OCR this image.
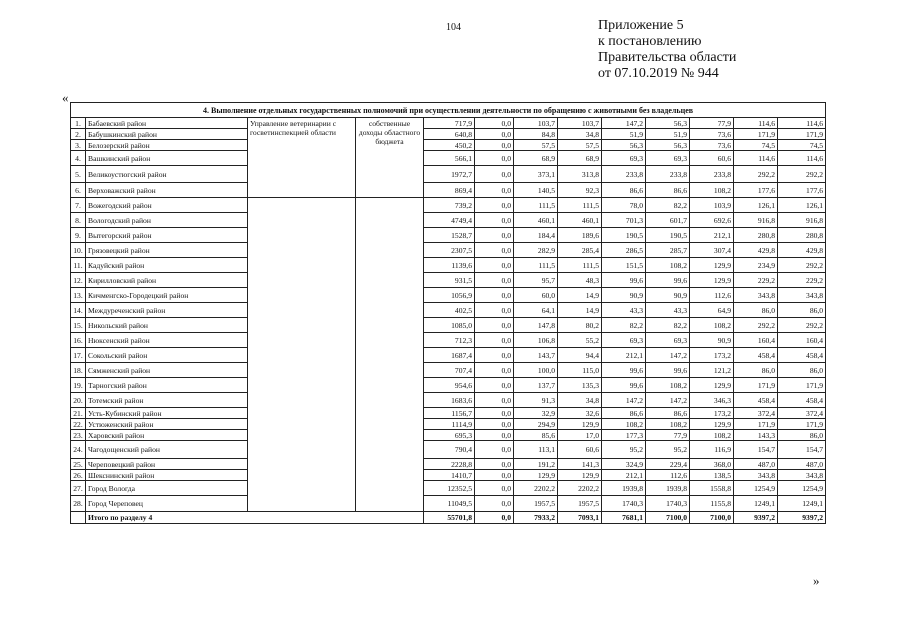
104	Приложение 5
к постановлению
Правительства области
от 07.10.2019 № 944
«
4. Выполнение отдельных государственных полномочий при осуществлении деятельности по обращению с животными без владельцев												
1.	Бабаевский район	Управление ветеринарии с госветинспекцией области	собственные доходы областного бюджета	717,9	0,0	103,7	103,7	147,2	56,3	77,9	114,6	114,6
2.	Бабушкинский район			640,8	0,0	84,8	34,8	51,9	51,9	73,6	171,9	171,9
3.	Белозерский район			450,2	0,0	57,5	57,5	56,3	56,3	73,6	74,5	74,5
4.	Вашкинский район			566,1	0,0	68,9	68,9	69,3	69,3	60,6	114,6	114,6
5.	Великоустюгский район			1972,7	0,0	373,1	313,8	233,8	233,8	233,8	292,2	292,2
6.	Верховажский район			869,4	0,0	140,5	92,3	86,6	86,6	108,2	177,6	177,6
7.	Вожегодский район			739,2	0,0	111,5	111,5	78,0	82,2	103,9	126,1	126,1
8.	Вологодский район			4749,4	0,0	460,1	460,1	701,3	601,7	692,6	916,8	916,8
9.	Вытегорский район			1528,7	0,0	184,4	189,6	190,5	190,5	212,1	280,8	280,8
10.	Грязовецкий район			2307,5	0,0	282,9	285,4	286,5	285,7	307,4	429,8	429,8
11.	Кадуйский район			1139,6	0,0	111,5	111,5	151,5	108,2	129,9	234,9	292,2
12.	Кирилловский район			931,5	0,0	95,7	48,3	99,6	99,6	129,9	229,2	229,2
13.	Кичменгско-Городецкий район			1056,9	0,0	60,0	14,9	90,9	90,9	112,6	343,8	343,8
14.	Междуреченский район			402,5	0,0	64,1	14,9	43,3	43,3	64,9	86,0	86,0
15.	Никольский район			1085,0	0,0	147,8	80,2	82,2	82,2	108,2	292,2	292,2
16.	Нюксенский район			712,3	0,0	106,8	55,2	69,3	69,3	90,9	160,4	160,4
17.	Сокольский район			1687,4	0,0	143,7	94,4	212,1	147,2	173,2	458,4	458,4
18.	Сямженский район			707,4	0,0	100,0	115,0	99,6	99,6	121,2	86,0	86,0
19.	Тарногский район			954,6	0,0	137,7	135,3	99,6	108,2	129,9	171,9	171,9
20.	Тотемский район			1683,6	0,0	91,3	34,8	147,2	147,2	346,3	458,4	458,4
21.	Усть-Кубинский район			1156,7	0,0	32,9	32,6	86,6	86,6	173,2	372,4	372,4
22.	Устюженский район			1114,9	0,0	294,9	129,9	108,2	108,2	129,9	171,9	171,9
23.	Харовский район			695,3	0,0	85,6	17,0	177,3	77,9	108,2	143,3	86,0
24.	Чагодощенский район			790,4	0,0	113,1	60,6	95,2	95,2	116,9	154,7	154,7
25.	Череповецкий район			2228,8	0,0	191,2	141,3	324,9	229,4	368,0	487,0	487,0
26.	Шекснинский район			1410,7	0,0	129,9	129,9	212,1	112,6	138,5	343,8	343,8
27.	Город Вологда			12352,5	0,0	2202,2	2202,2	1939,8	1939,8	1558,8	1254,9	1254,9
28.	Город Череповец			11049,5	0,0	1957,5	1957,5	1740,3	1740,3	1155,8	1249,1	1249,1
	Итого по разделу 4			55701,8	0,0	7933,2	7093,1	7681,1	7100,0	7100,0	9397,2	9397,2
»
